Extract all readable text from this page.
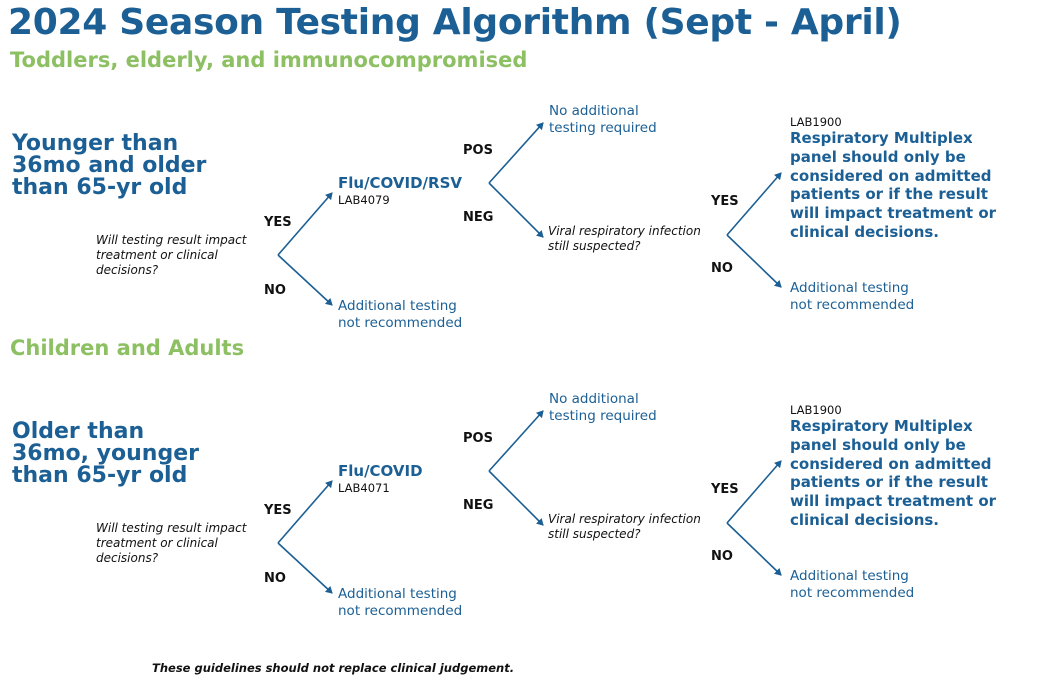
2024 Season Testing Algorithm (Sept - April)
Toddlers, elderly, and immunocompromised
Younger than
36mo and older
than 65-yr old
Will testing result impact
treatment or clinical
decisions?
YES
NO
Flu/COVID/RSV
LAB4079
Additional testing
not recommended
POS
NEG
No additional
testing required
Viral respiratory infection
still suspected?
YES
NO
LAB1900
Respiratory Multiplex
panel should only be
considered on admitted
patients or if the result
will impact treatment or
clinical decisions.
Additional testing
not recommended
Children and Adults
Older than
36mo, younger
than 65-yr old
Will testing result impact
treatment or clinical
decisions?
YES
NO
Flu/COVID
LAB4071
Additional testing
not recommended
POS
NEG
No additional
testing required
Viral respiratory infection
still suspected?
YES
NO
LAB1900
Respiratory Multiplex
panel should only be
considered on admitted
patients or if the result
will impact treatment or
clinical decisions.
Additional testing
not recommended
These guidelines should not replace clinical judgement.
